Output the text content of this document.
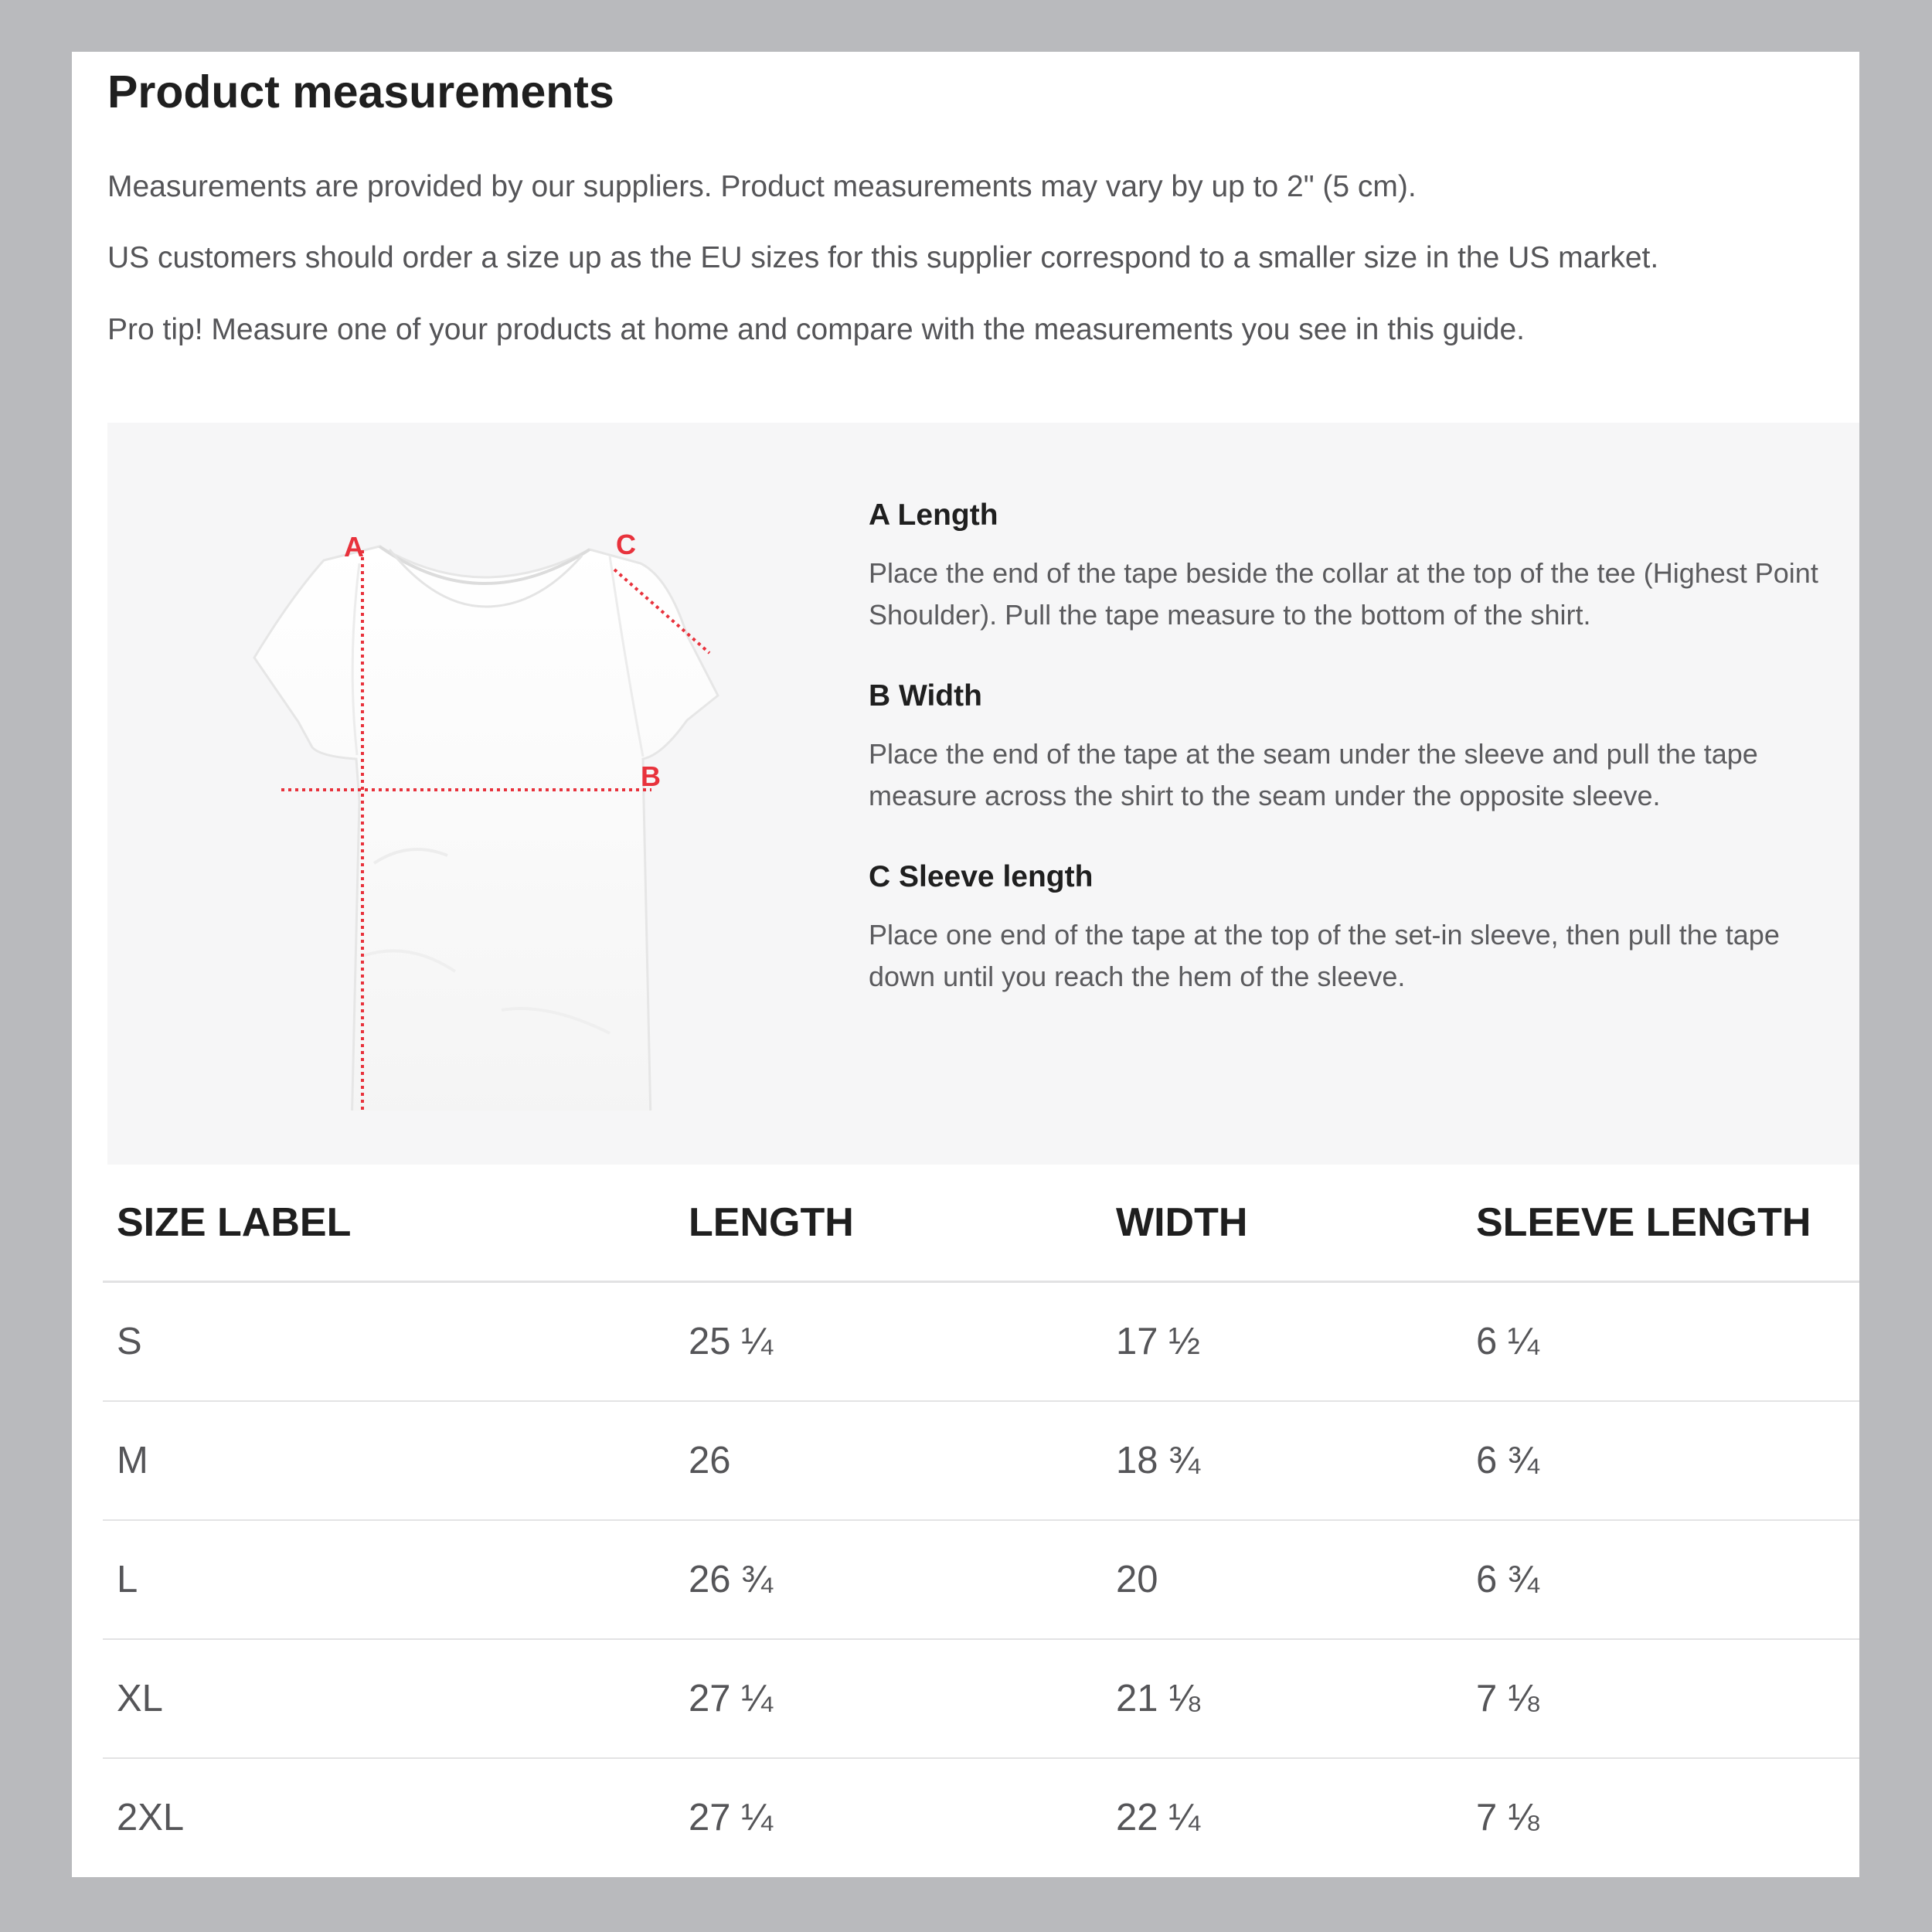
Product measurements

Measurements are provided by our suppliers. Product measurements may vary by up to 2" (5 cm).

US customers should order a size up as the EU sizes for this supplier correspond to a smaller size in the US market.

Pro tip! Measure one of your products at home and compare with the measurements you see in this guide.

A
B
C
A Length

Place the end of the tape beside the collar at the top of the tee (Highest Point Shoulder). Pull the tape measure to the bottom of the shirt.

B Width

Place the end of the tape at the seam under the sleeve and pull the tape measure across the shirt to the seam under the opposite sleeve.

C Sleeve length

Place one end of the tape at the top of the set-in sleeve, then pull the tape down until you reach the hem of the sleeve.

SIZE LABEL	LENGTH	WIDTH	SLEEVE LENGTH
S	25 ¼	17 ½	6 ¼
M	26	18 ¾	6 ¾
L	26 ¾	20	6 ¾
XL	27 ¼	21 ⅛	7 ⅛
2XL	27 ¼	22 ¼	7 ⅛
